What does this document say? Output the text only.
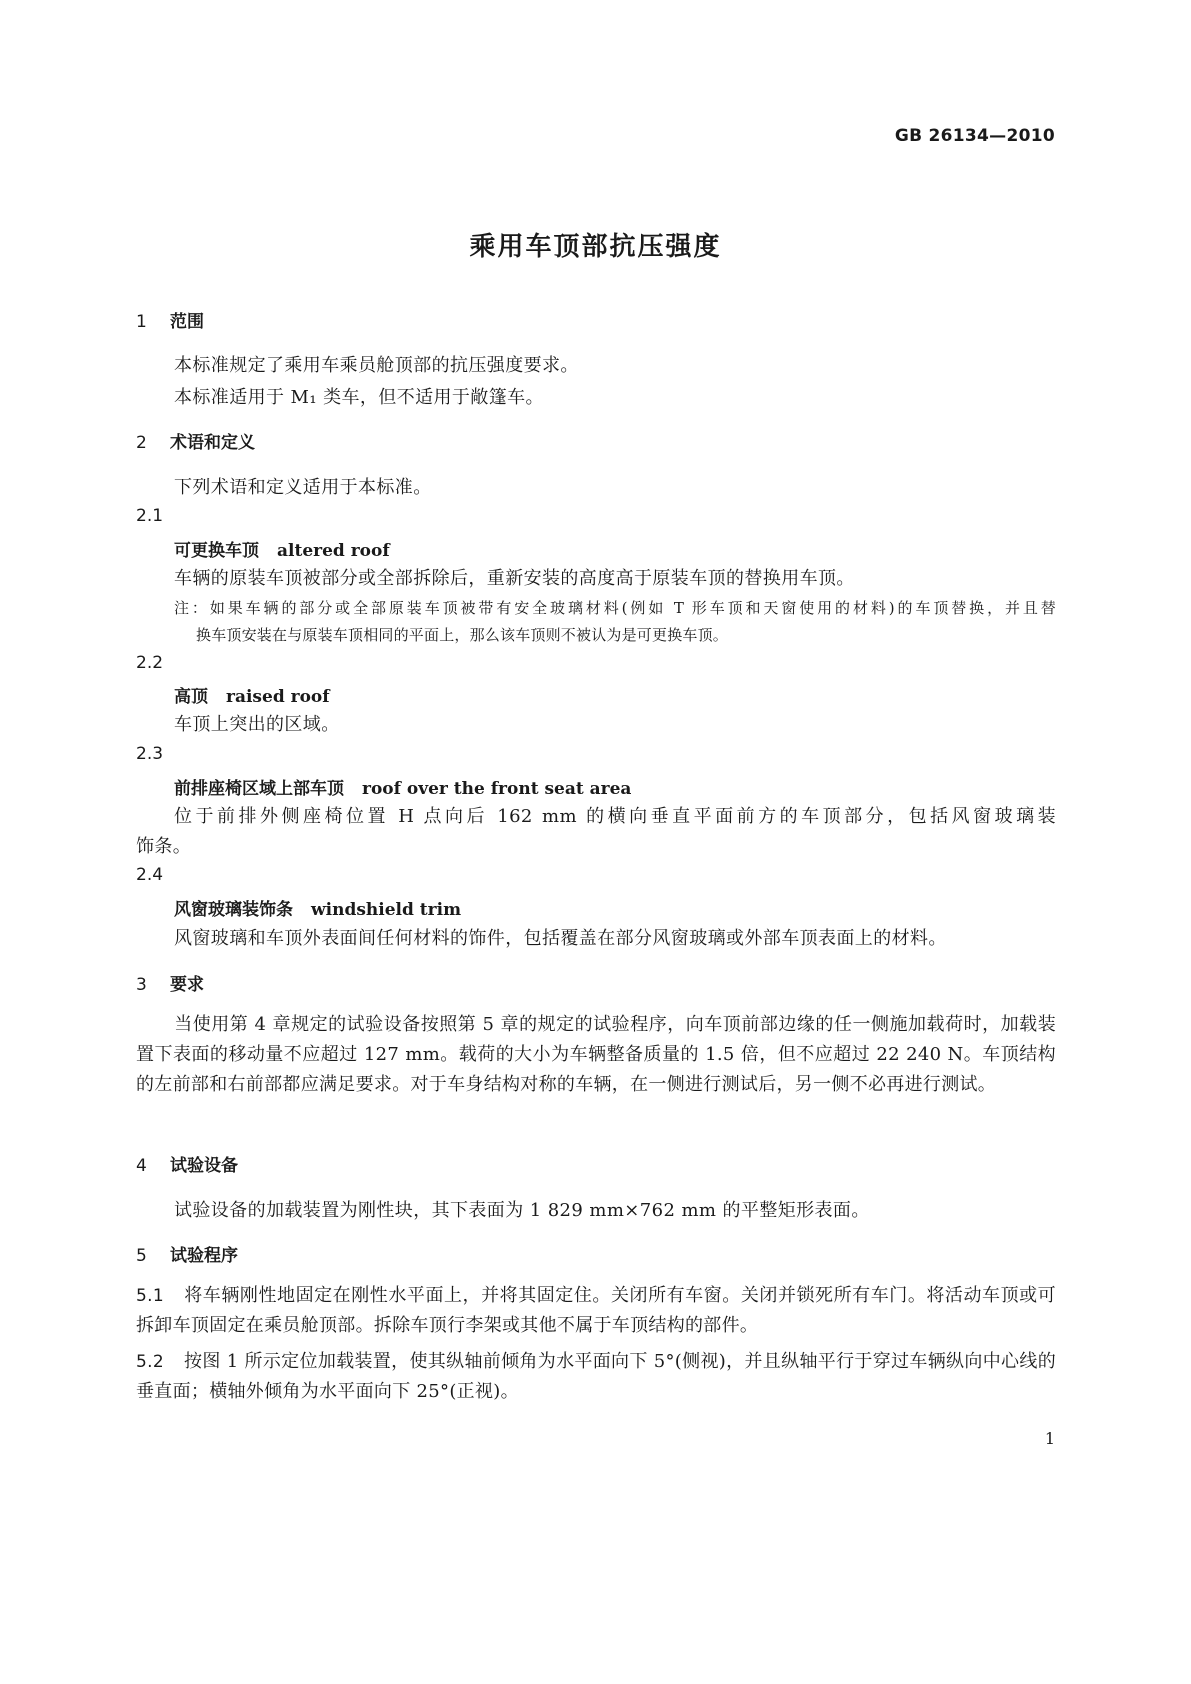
GB 26134—2010
乘用车顶部抗压强度
1 范围
本标准规定了乘用车乘员舱顶部的抗压强度要求。
本标准适用于 M₁ 类车，但不适用于敞篷车。
2 术语和定义
下列术语和定义适用于本标准。
2.1
可更换车顶 altered roof
车辆的原装车顶被部分或全部拆除后，重新安装的高度高于原装车顶的替换用车顶。
注：如果车辆的部分或全部原装车顶被带有安全玻璃材料(例如 T 形车顶和天窗使用的材料)的车顶替换，并且替
换车顶安装在与原装车顶相同的平面上，那么该车顶则不被认为是可更换车顶。
2.2
高顶 raised roof
车顶上突出的区域。
2.3
前排座椅区域上部车顶 roof over the front seat area
位于前排外侧座椅位置 H 点向后 162 mm 的横向垂直平面前方的车顶部分，包括风窗玻璃装
饰条。
2.4
风窗玻璃装饰条 windshield trim
风窗玻璃和车顶外表面间任何材料的饰件，包括覆盖在部分风窗玻璃或外部车顶表面上的材料。
3 要求
当使用第 4 章规定的试验设备按照第 5 章的规定的试验程序，向车顶前部边缘的任一侧施加载荷时，加载装置下表面的移动量不应超过 127 mm。载荷的大小为车辆整备质量的 1.5 倍，但不应超过 22 240 N。车顶结构的左前部和右前部都应满足要求。对于车身结构对称的车辆，在一侧进行测试后，另一侧不必再进行测试。
4 试验设备
试验设备的加载装置为刚性块，其下表面为 1 829 mm×762 mm 的平整矩形表面。
5 试验程序
5.1 将车辆刚性地固定在刚性水平面上，并将其固定住。关闭所有车窗。关闭并锁死所有车门。将活动车顶或可拆卸车顶固定在乘员舱顶部。拆除车顶行李架或其他不属于车顶结构的部件。
5.2 按图 1 所示定位加载装置，使其纵轴前倾角为水平面向下 5°(侧视)，并且纵轴平行于穿过车辆纵向中心线的垂直面；横轴外倾角为水平面向下 25°(正视)。
1
